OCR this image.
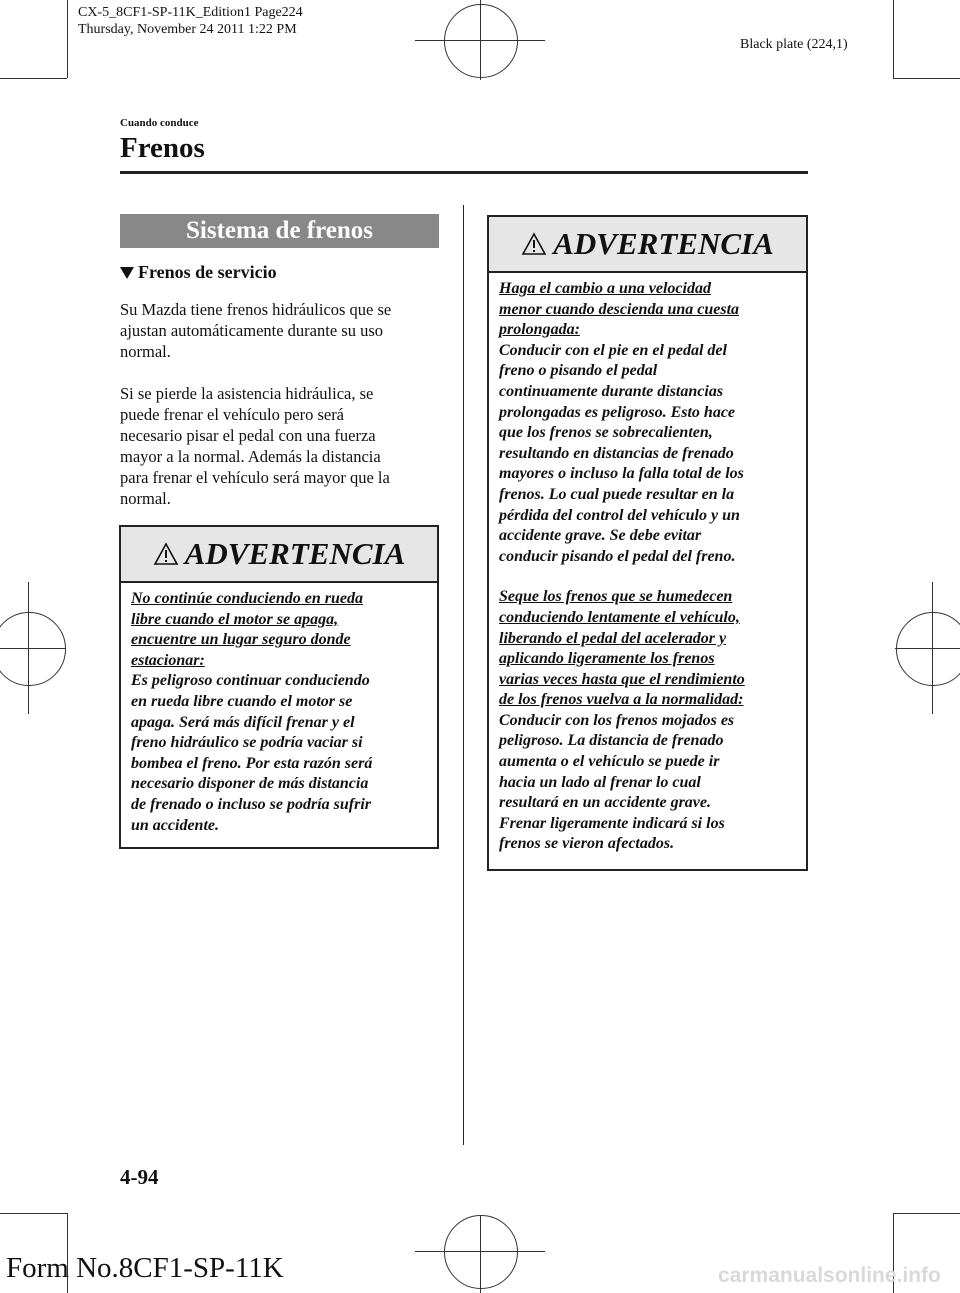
CX-5_8CF1-SP-11K_Edition1 Page224
Thursday, November 24 2011 1:22 PM
Black plate (224,1)
Cuando conduce
Frenos
Sistema de frenos
Frenos de servicio

Su Mazda tiene frenos hidráulicos que se

ajustan automáticamente durante su uso

normal.

Si se pierde la asistencia hidráulica, se

puede frenar el vehículo pero será

necesario pisar el pedal con una fuerza

mayor a la normal. Además la distancia

para frenar el vehículo será mayor que la

normal.

ADVERTENCIA
No continúe conduciendo en rueda
libre cuando el motor se apaga,
encuentre un lugar seguro donde
estacionar:
Es peligroso continuar conduciendo
en rueda libre cuando el motor se
apaga. Será más difícil frenar y el
freno hidráulico se podría vaciar si
bombea el freno. Por esta razón será
necesario disponer de más distancia
de frenado o incluso se podría sufrir
un accidente.
ADVERTENCIA
Haga el cambio a una velocidad
menor cuando descienda una cuesta
prolongada:
Conducir con el pie en el pedal del
freno o pisando el pedal
continuamente durante distancias
prolongadas es peligroso. Esto hace
que los frenos se sobrecalienten,
resultando en distancias de frenado
mayores o incluso la falla total de los
frenos. Lo cual puede resultar en la
pérdida del control del vehículo y un
accidente grave. Se debe evitar
conducir pisando el pedal del freno.
Seque los frenos que se humedecen
conduciendo lentamente el vehículo,
liberando el pedal del acelerador y
aplicando ligeramente los frenos
varias veces hasta que el rendimiento
de los frenos vuelva a la normalidad:
Conducir con los frenos mojados es
peligroso. La distancia de frenado
aumenta o el vehículo se puede ir
hacia un lado al frenar lo cual
resultará en un accidente grave.
Frenar ligeramente indicará si los
frenos se vieron afectados.
4-94
Form No.8CF1-SP-11K	carmanualsonline.info
